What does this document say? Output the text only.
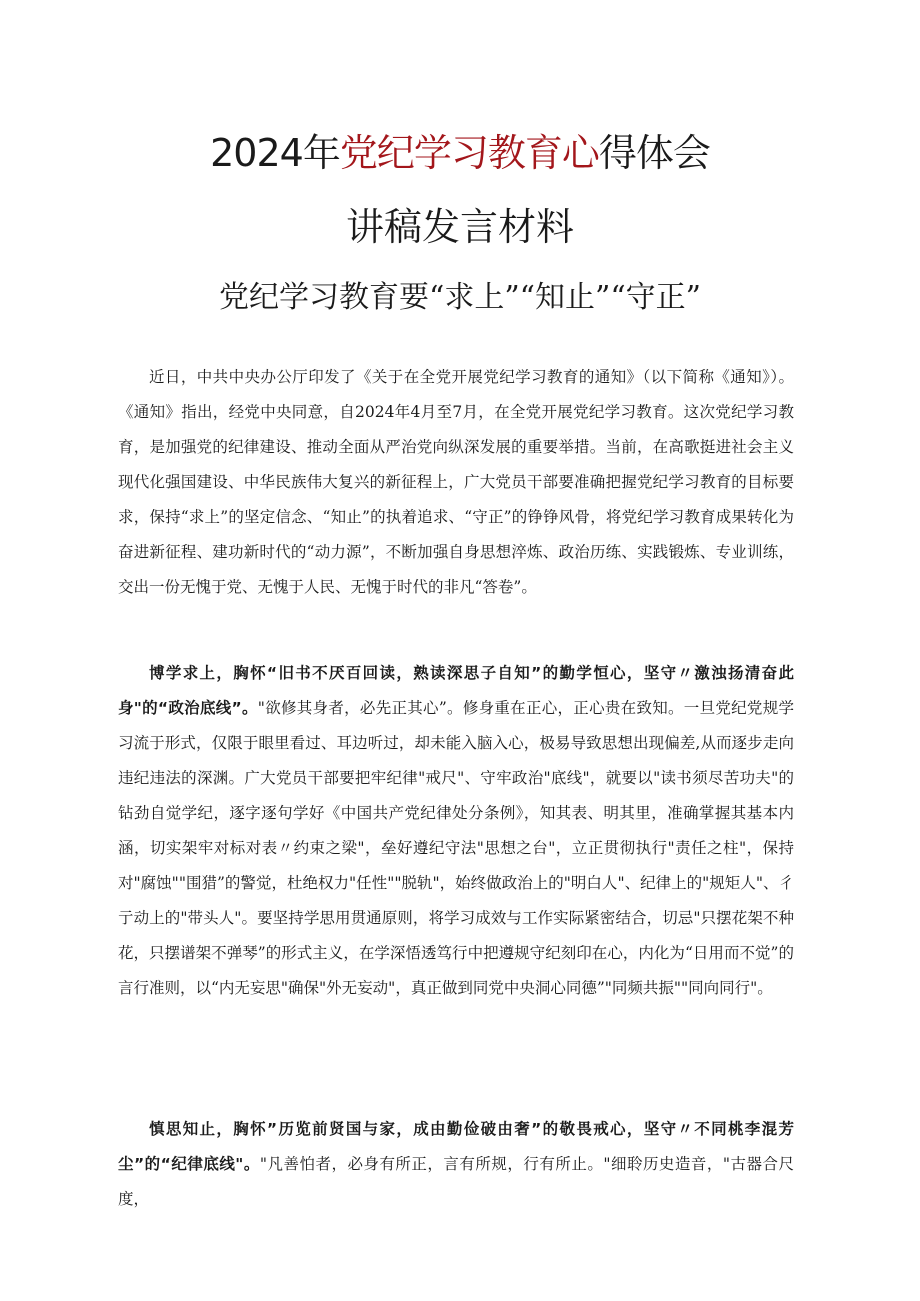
2024年党纪学习教育心得体会
讲稿发言材料
党纪学习教育要“求上”“知止”“守正”

近日，中共中央办公厅印发了《关于在全党开展党纪学习教育的通知》（以下简称《通知》）。《通知》指出，经党中央同意，自2024年4月至7月，在全党开展党纪学习教育。这次党纪学习教育，是加强党的纪律建设、推动全面从严治党向纵深发展的重要举措。当前，在高歌挺进社会主义现代化强国建设、中华民族伟大复兴的新征程上，广大党员干部要准确把握党纪学习教育的目标要求，保持“求上”的坚定信念、“知止”的执着追求、“守正”的铮铮风骨，将党纪学习教育成果转化为奋进新征程、建功新时代的“动力源”，不断加强自身思想淬炼、政治历练、实践锻炼、专业训练，交出一份无愧于党、无愧于人民、无愧于时代的非凡“答卷”。

博学求上，胸怀“旧书不厌百回读，熟读深思子自知”的勤学恒心，坚守〃激浊扬清奋此身"的“政治底线”。"欲修其身者，必先正其心”。修身重在正心，正心贵在致知。一旦党纪党规学习流于形式，仅限于眼里看过、耳边听过，却未能入脑入心，极易导致思想出现偏差,从而逐步走向违纪违法的深渊。广大党员干部要把牢纪律"戒尺"、守牢政治"底线"，就要以"读书须尽苦功夫"的钻劲自觉学纪，逐字逐句学好《中国共产党纪律处分条例》，知其表、明其里，准确掌握其基本内涵，切实架牢对标对表〃约束之梁"，垒好遵纪守法"思想之台"，立正贯彻执行"责任之柱"，保持对"腐蚀""围猎”的警觉，杜绝权力"任性""脱轨"，始终做政治上的"明白人"、纪律上的"规矩人"、彳亍动上的"带头人"。要坚持学思用贯通原则，将学习成效与工作实际紧密结合，切忌"只摆花架不种花，只摆谱架不弹琴”的形式主义，在学深悟透笃行中把遵规守纪刻印在心，内化为“日用而不觉”的言行准则，以“内无妄思"确保"外无妄动"，真正做到同党中央洞心同德”"同频共振""同向同行"。

慎思知止，胸怀”历览前贤国与家，成由勤俭破由奢”的敬畏戒心，坚守〃不同桃李混芳尘”的“纪律底线"。"凡善怕者，必身有所正，言有所规，行有所止。"细聆历史造音，"古器合尺度，
